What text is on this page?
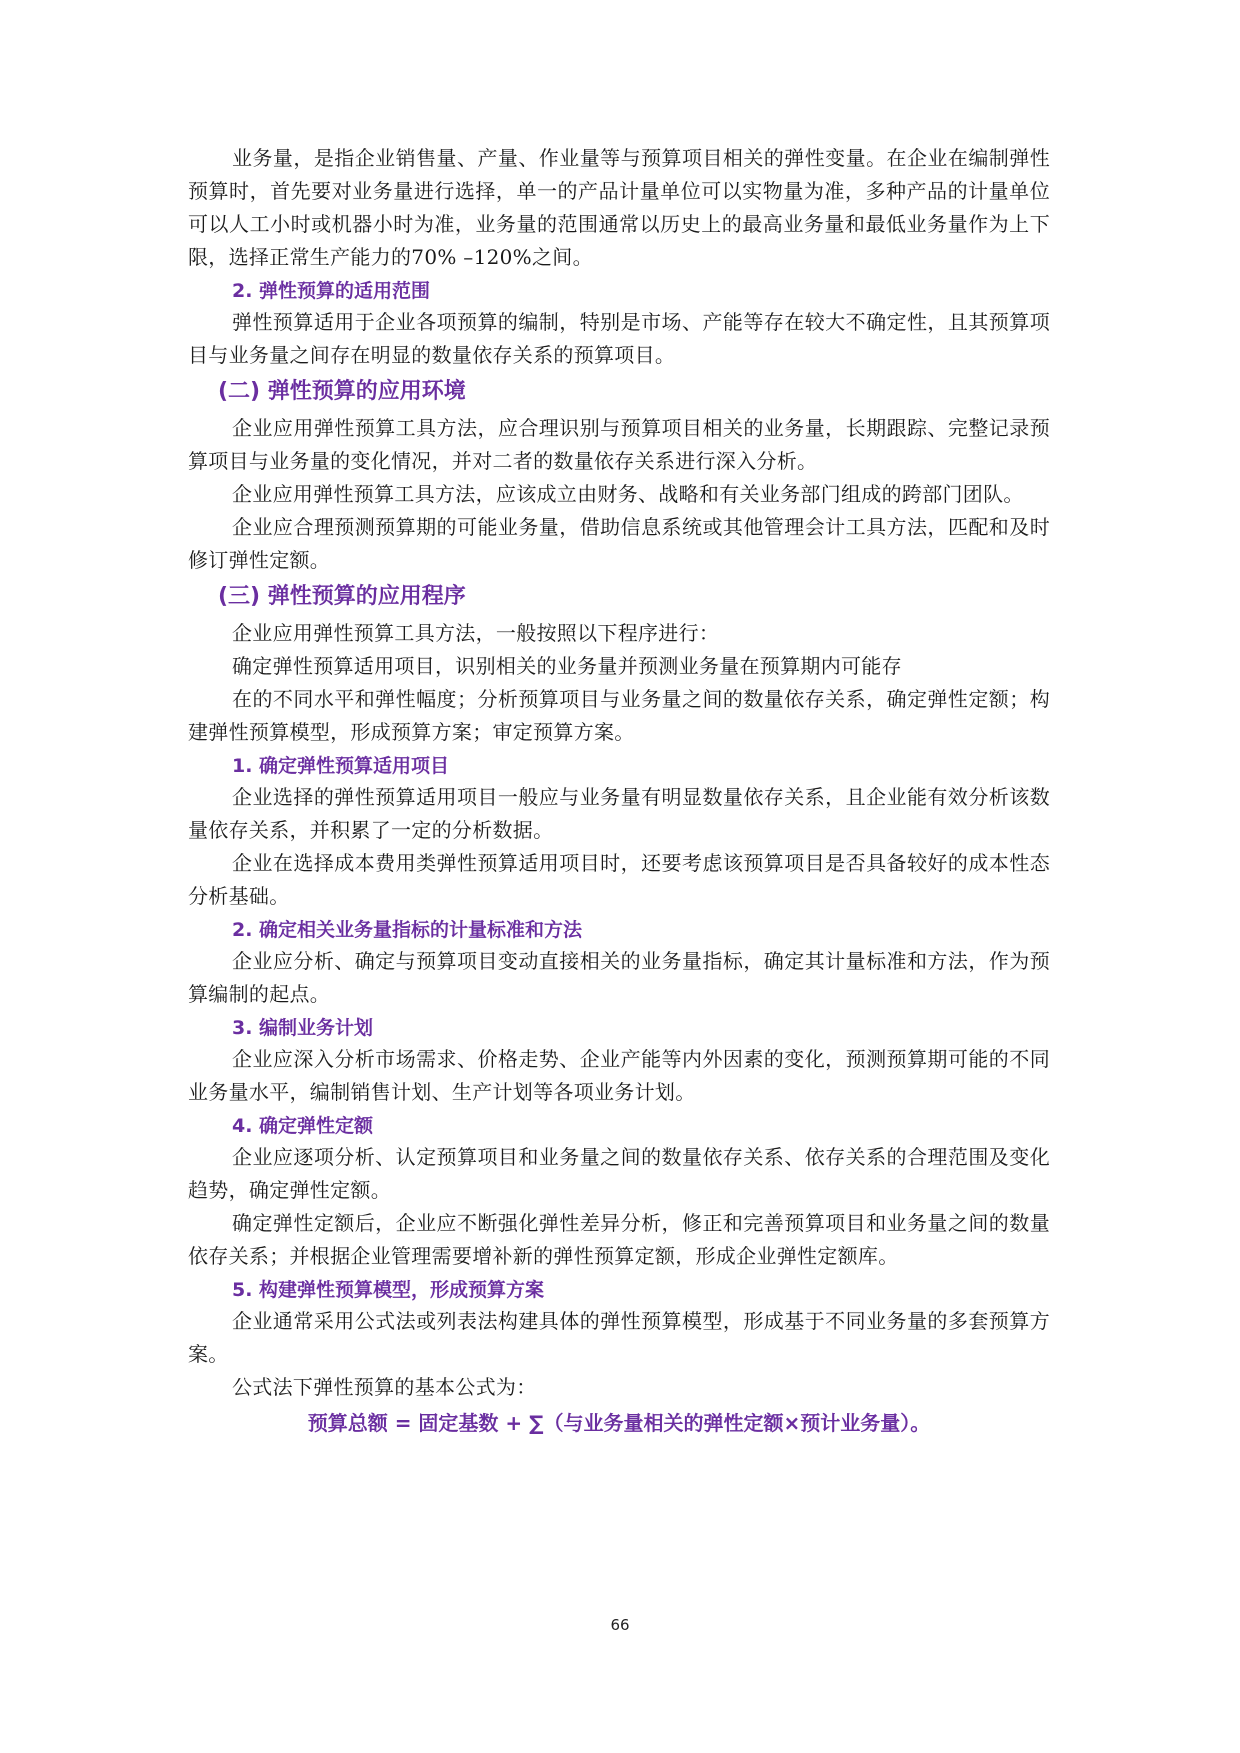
业务量，是指企业销售量、产量、作业量等与预算项目相关的弹性变量。在企业在编制弹性预算时，首先要对业务量进行选择，单一的产品计量单位可以实物量为准，多种产品的计量单位可以人工小时或机器小时为准，业务量的范围通常以历史上的最高业务量和最低业务量作为上下限，选择正常生产能力的70% –120%之间。

2. 弹性预算的适用范围

弹性预算适用于企业各项预算的编制，特别是市场、产能等存在较大不确定性，且其预算项目与业务量之间存在明显的数量依存关系的预算项目。

(二) 弹性预算的应用环境

企业应用弹性预算工具方法，应合理识别与预算项目相关的业务量，长期跟踪、完整记录预算项目与业务量的变化情况，并对二者的数量依存关系进行深入分析。

企业应用弹性预算工具方法，应该成立由财务、战略和有关业务部门组成的跨部门团队。

企业应合理预测预算期的可能业务量，借助信息系统或其他管理会计工具方法，匹配和及时修订弹性定额。

(三) 弹性预算的应用程序
企业应用弹性预算工具方法，一般按照以下程序进行：
确定弹性预算适用项目，识别相关的业务量并预测业务量在预算期内可能存

在的不同水平和弹性幅度；分析预算项目与业务量之间的数量依存关系，确定弹性定额；构建弹性预算模型，形成预算方案；审定预算方案。

1. 确定弹性预算适用项目

企业选择的弹性预算适用项目一般应与业务量有明显数量依存关系，且企业能有效分析该数量依存关系，并积累了一定的分析数据。

企业在选择成本费用类弹性预算适用项目时，还要考虑该预算项目是否具备较好的成本性态分析基础。

2. 确定相关业务量指标的计量标准和方法

企业应分析、确定与预算项目变动直接相关的业务量指标，确定其计量标准和方法，作为预算编制的起点。

3. 编制业务计划

企业应深入分析市场需求、价格走势、企业产能等内外因素的变化，预测预算期可能的不同业务量水平，编制销售计划、生产计划等各项业务计划。

4. 确定弹性定额

企业应逐项分析、认定预算项目和业务量之间的数量依存关系、依存关系的合理范围及变化趋势，确定弹性定额。

确定弹性定额后，企业应不断强化弹性差异分析，修正和完善预算项目和业务量之间的数量依存关系；并根据企业管理需要增补新的弹性预算定额，形成企业弹性定额库。

5. 构建弹性预算模型，形成预算方案

企业通常采用公式法或列表法构建具体的弹性预算模型，形成基于不同业务量的多套预算方案。

公式法下弹性预算的基本公式为：

预算总额 = 固定基数 + ∑（与业务量相关的弹性定额×预计业务量）。
66
